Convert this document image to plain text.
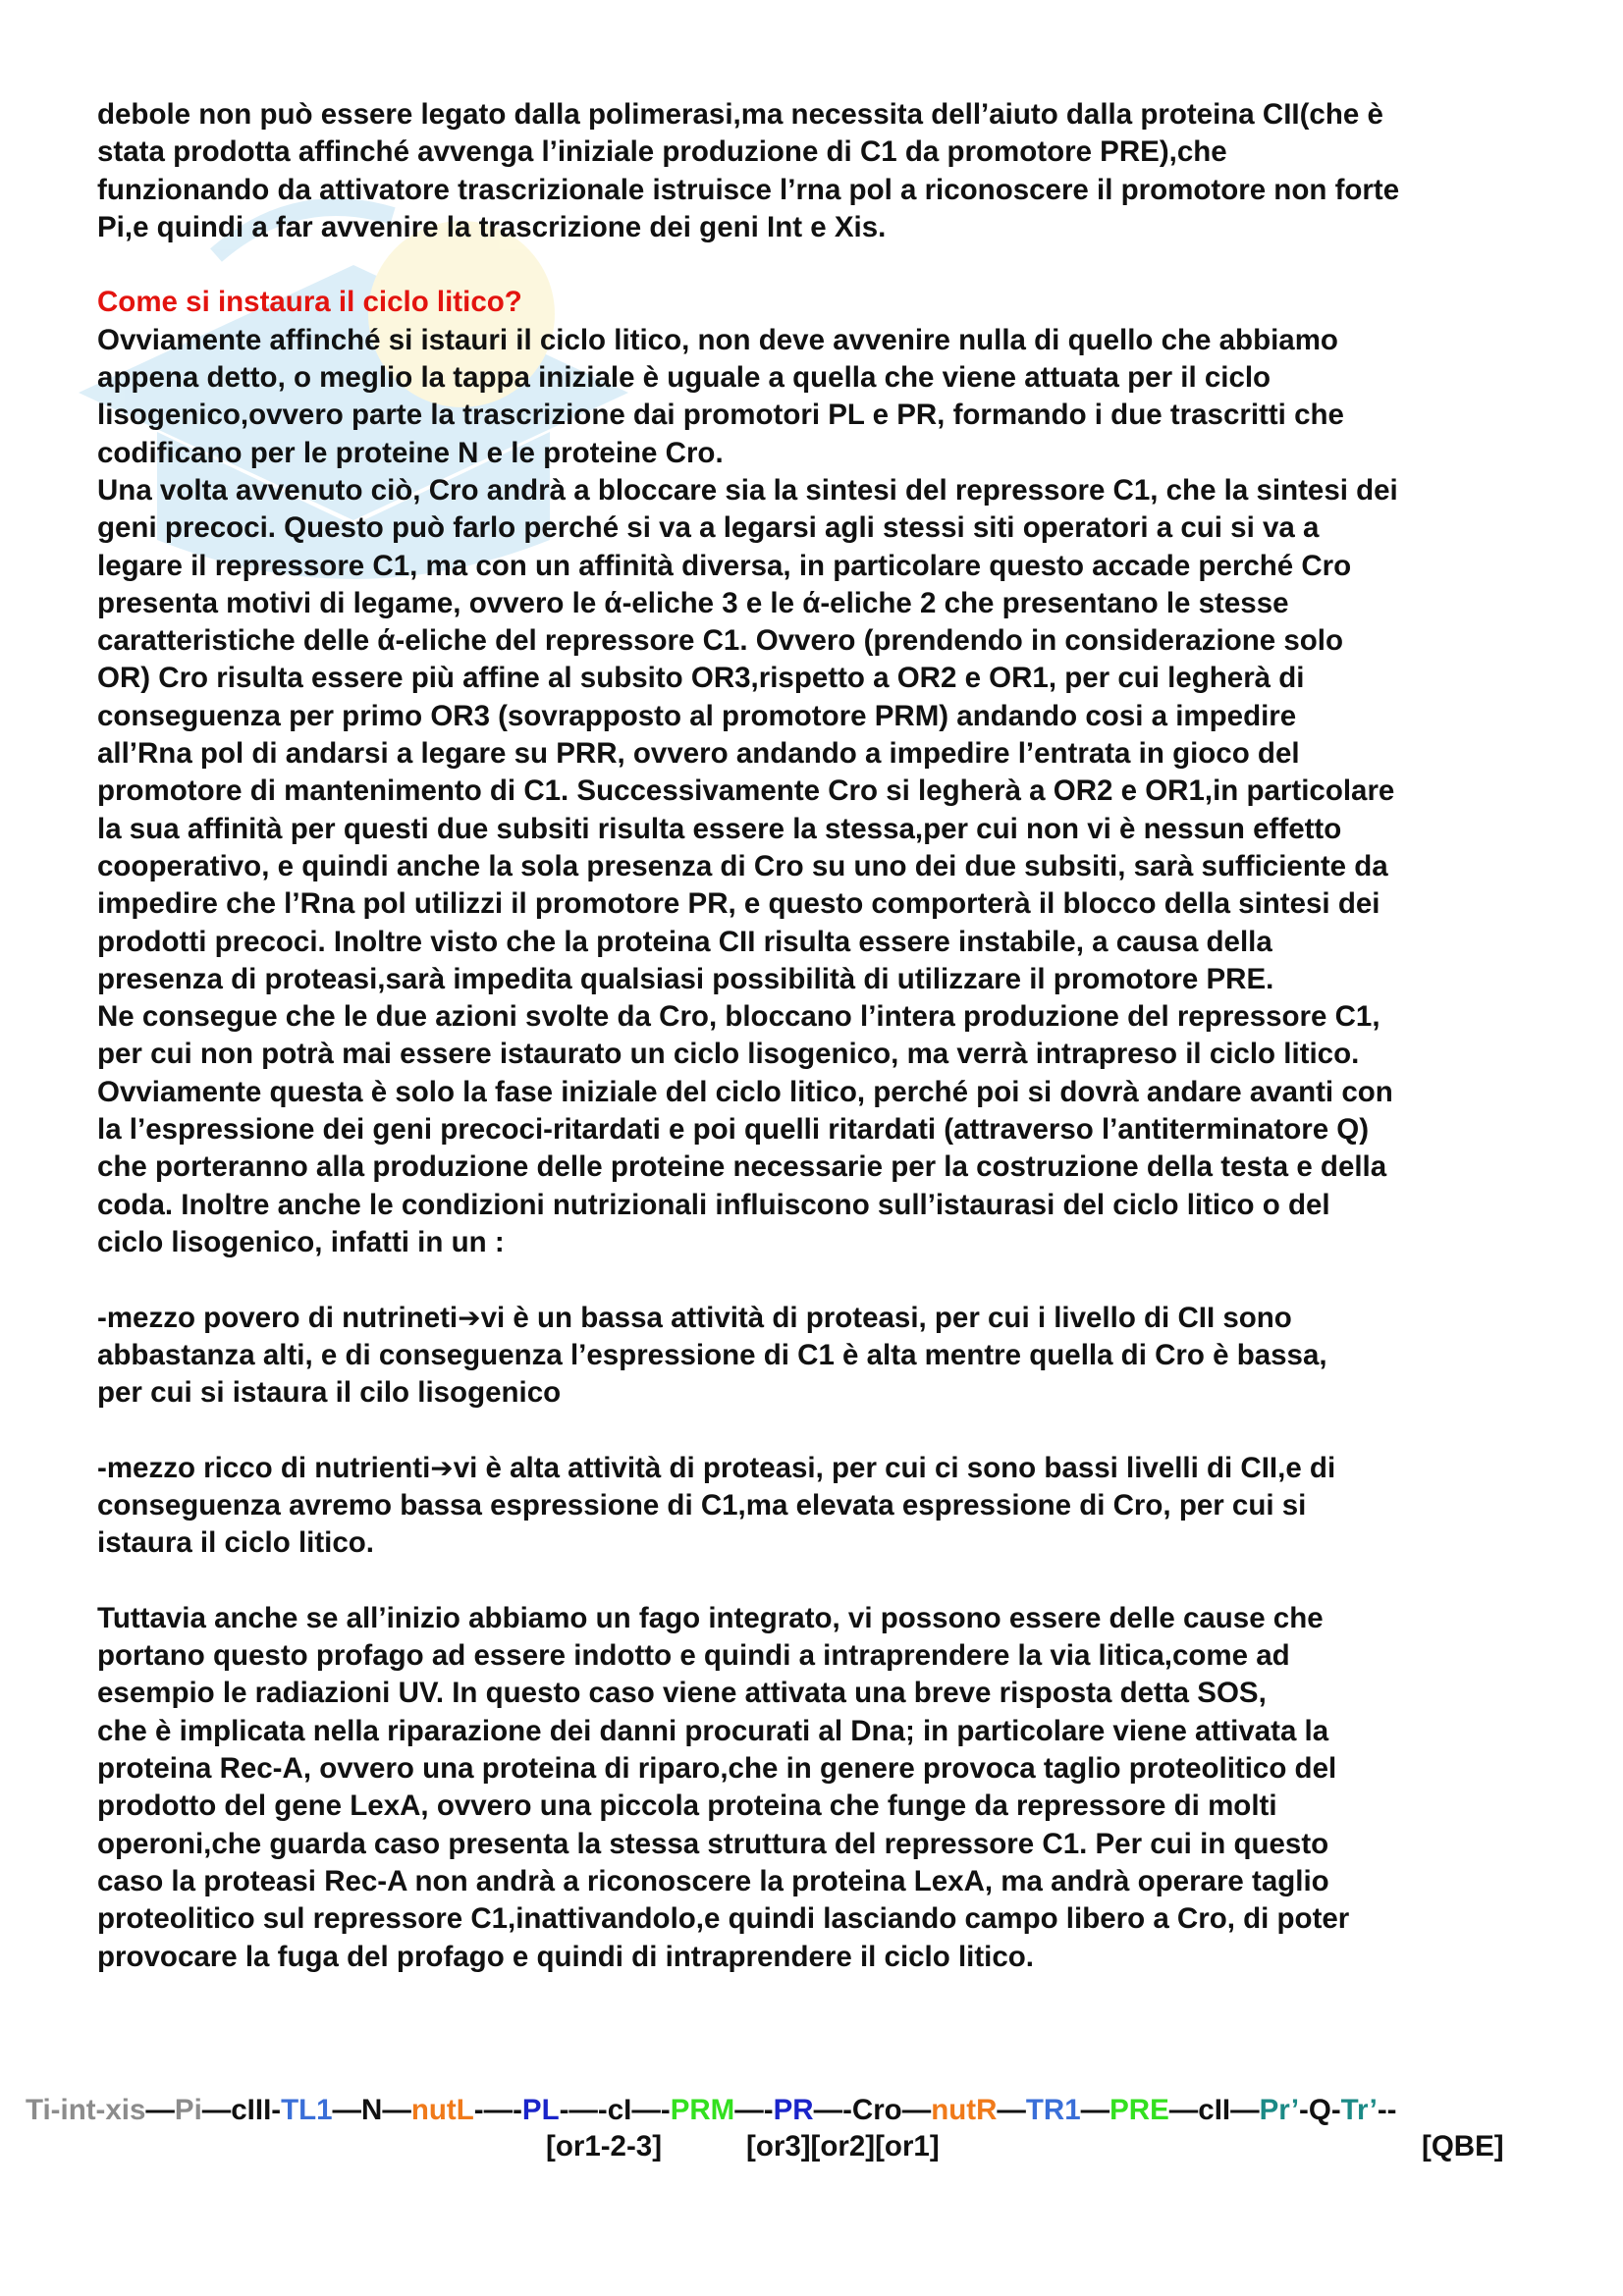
debole non può essere legato dalla polimerasi,ma necessita dell’aiuto dalla proteina CII(che è
stata prodotta affinché avvenga l’iniziale produzione di C1 da promotore PRE),che
funzionando da attivatore trascrizionale istruisce l’rna pol a riconoscere il promotore non forte
Pi,e quindi a far avvenire la trascrizione dei geni Int e Xis.
Come si instaura il ciclo litico?
Ovviamente affinché si istauri il ciclo litico, non deve avvenire nulla di quello che abbiamo
appena detto, o meglio la tappa iniziale è uguale a quella che viene attuata per il ciclo
lisogenico,ovvero parte la trascrizione dai promotori PL e PR, formando i due trascritti che
codificano per le proteine N e le proteine Cro.
Una volta avvenuto ciò, Cro andrà a bloccare sia la sintesi del repressore C1, che la sintesi dei
geni precoci. Questo può farlo perché si va a legarsi agli stessi siti operatori a cui si va a
legare il repressore C1, ma con un affinità diversa, in particolare questo accade perché Cro
presenta motivi di legame, ovvero le ά-eliche 3 e le ά-eliche 2 che presentano le stesse
caratteristiche delle ά-eliche del repressore C1. Ovvero (prendendo in considerazione solo
OR) Cro risulta essere più affine al subsito OR3,rispetto a OR2 e OR1, per cui legherà di
conseguenza per primo OR3 (sovrapposto al promotore PRM) andando cosi a impedire
all’Rna pol di andarsi a legare su PRR, ovvero andando a impedire l’entrata in gioco del
promotore di mantenimento di C1. Successivamente Cro si legherà a OR2 e OR1,in particolare
la sua affinità per questi due subsiti risulta essere la stessa,per cui non vi è nessun effetto
cooperativo, e quindi anche la sola presenza di Cro su uno dei due subsiti, sarà sufficiente da
impedire che l’Rna pol utilizzi il promotore PR, e questo comporterà il blocco della sintesi dei
prodotti precoci. Inoltre visto che la proteina CII risulta essere instabile, a causa della
presenza di proteasi,sarà impedita qualsiasi possibilità di utilizzare il promotore PRE.
Ne consegue che le due azioni svolte da Cro, bloccano l’intera produzione del repressore C1,
per cui non potrà mai essere istaurato un ciclo lisogenico, ma verrà intrapreso il ciclo litico.
Ovviamente questa è solo la fase iniziale del ciclo litico, perché poi si dovrà andare avanti con
la l’espressione dei geni precoci-ritardati e poi quelli ritardati (attraverso l’antiterminatore Q)
che porteranno alla produzione delle proteine necessarie per la costruzione della testa e della
coda. Inoltre anche le condizioni nutrizionali influiscono sull’istaurasi del ciclo litico o del
ciclo lisogenico, infatti in un :
-mezzo povero di nutrineti➔vi è un bassa attività di proteasi, per cui i livello di CII sono
abbastanza alti, e di conseguenza l’espressione di C1 è alta mentre quella di Cro è bassa,
per cui si istaura il cilo lisogenico
-mezzo ricco di nutrienti➔vi è alta attività di proteasi, per cui ci sono bassi livelli di CII,e di
conseguenza avremo bassa espressione di C1,ma elevata espressione di Cro, per cui si
istaura il ciclo litico.
Tuttavia anche se all’inizio abbiamo un fago integrato, vi possono essere delle cause che
portano questo profago ad essere indotto e quindi a intraprendere la via litica,come ad
esempio le radiazioni UV. In questo caso viene attivata una breve risposta detta SOS,
che è implicata nella riparazione dei danni procurati al Dna; in particolare viene attivata la
proteina Rec-A, ovvero una proteina di riparo,che in genere provoca taglio proteolitico del
prodotto del gene LexA, ovvero una piccola proteina che funge da repressore di molti
operoni,che guarda caso presenta la stessa struttura del repressore C1. Per cui in questo
caso la proteasi Rec-A non andrà a riconoscere la proteina LexA, ma andrà operare taglio
proteolitico sul repressore C1,inattivandolo,e quindi lasciando campo libero a Cro, di poter
provocare la fuga del profago e quindi di intraprendere il ciclo litico.
Ti-int-xis—Pi—cIII-TL1—N—nutL-—-PL-—-cI—-PRM—-PR—-Cro—nutR—TR1—PRE—cII—Pr’-Q-Tr’--
[or1-2-3]	[or3][or2][or1]	[QBE]
